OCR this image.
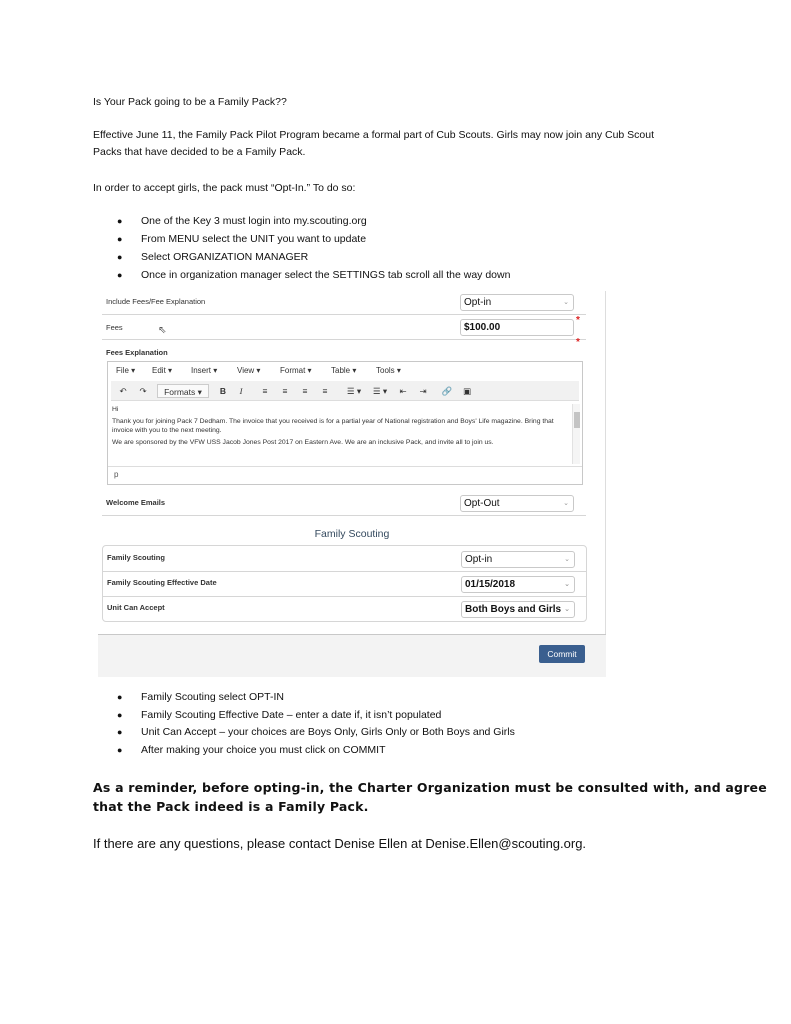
Is Your Pack going to be a Family Pack??
Effective June 11, the Family Pack Pilot Program became a formal part of Cub Scouts. Girls may now join any Cub Scout
Packs that have decided to be a Family Pack.
In order to accept girls, the pack must “Opt-In.” To do so:
● One of the Key 3 must login into my.scouting.org
● From MENU select the UNIT you want to update
● Select ORGANIZATION MANAGER
● Once in organization manager select the SETTINGS tab scroll all the way down
Include Fees/Fee Explanation	Opt-in	⌄
Fees	⇖	$100.00
*
*
Fees Explanation
File ▾ Edit ▾ Insert ▾ View ▾ Format ▾ Table ▾ Tools ▾
↶ ↷	Formats ▾	B	I	≡	≡	≡	≡	☰ ▾	☰ ▾	⇤ ⇥ 🔗 ▣
Hi
Thank you for joining Pack 7 Dedham. The invoice that you received is for a partial year of National registration and Boys' Life magazine. Bring that invoice with you to the next meeting.
We are sponsored by the VFW USS Jacob Jones Post 2017 on Eastern Ave. We are an inclusive Pack, and invite all to join us.
p
Welcome Emails	Opt-Out	⌄
Family Scouting
Family Scouting	Opt-in	⌄
Family Scouting Effective Date	01/15/2018	⌄
Unit Can Accept	Both Boys and Girls ⌄
Commit
● Family Scouting select OPT-IN
● Family Scouting Effective Date – enter a date if, it isn’t populated
● Unit Can Accept – your choices are Boys Only, Girls Only or Both Boys and Girls
● After making your choice you must click on COMMIT
As a reminder, before opting-in, the Charter Organization must be consulted with, and agree that the Pack indeed is a Family Pack.
If there are any questions, please contact Denise Ellen at Denise.Ellen@scouting.org.
